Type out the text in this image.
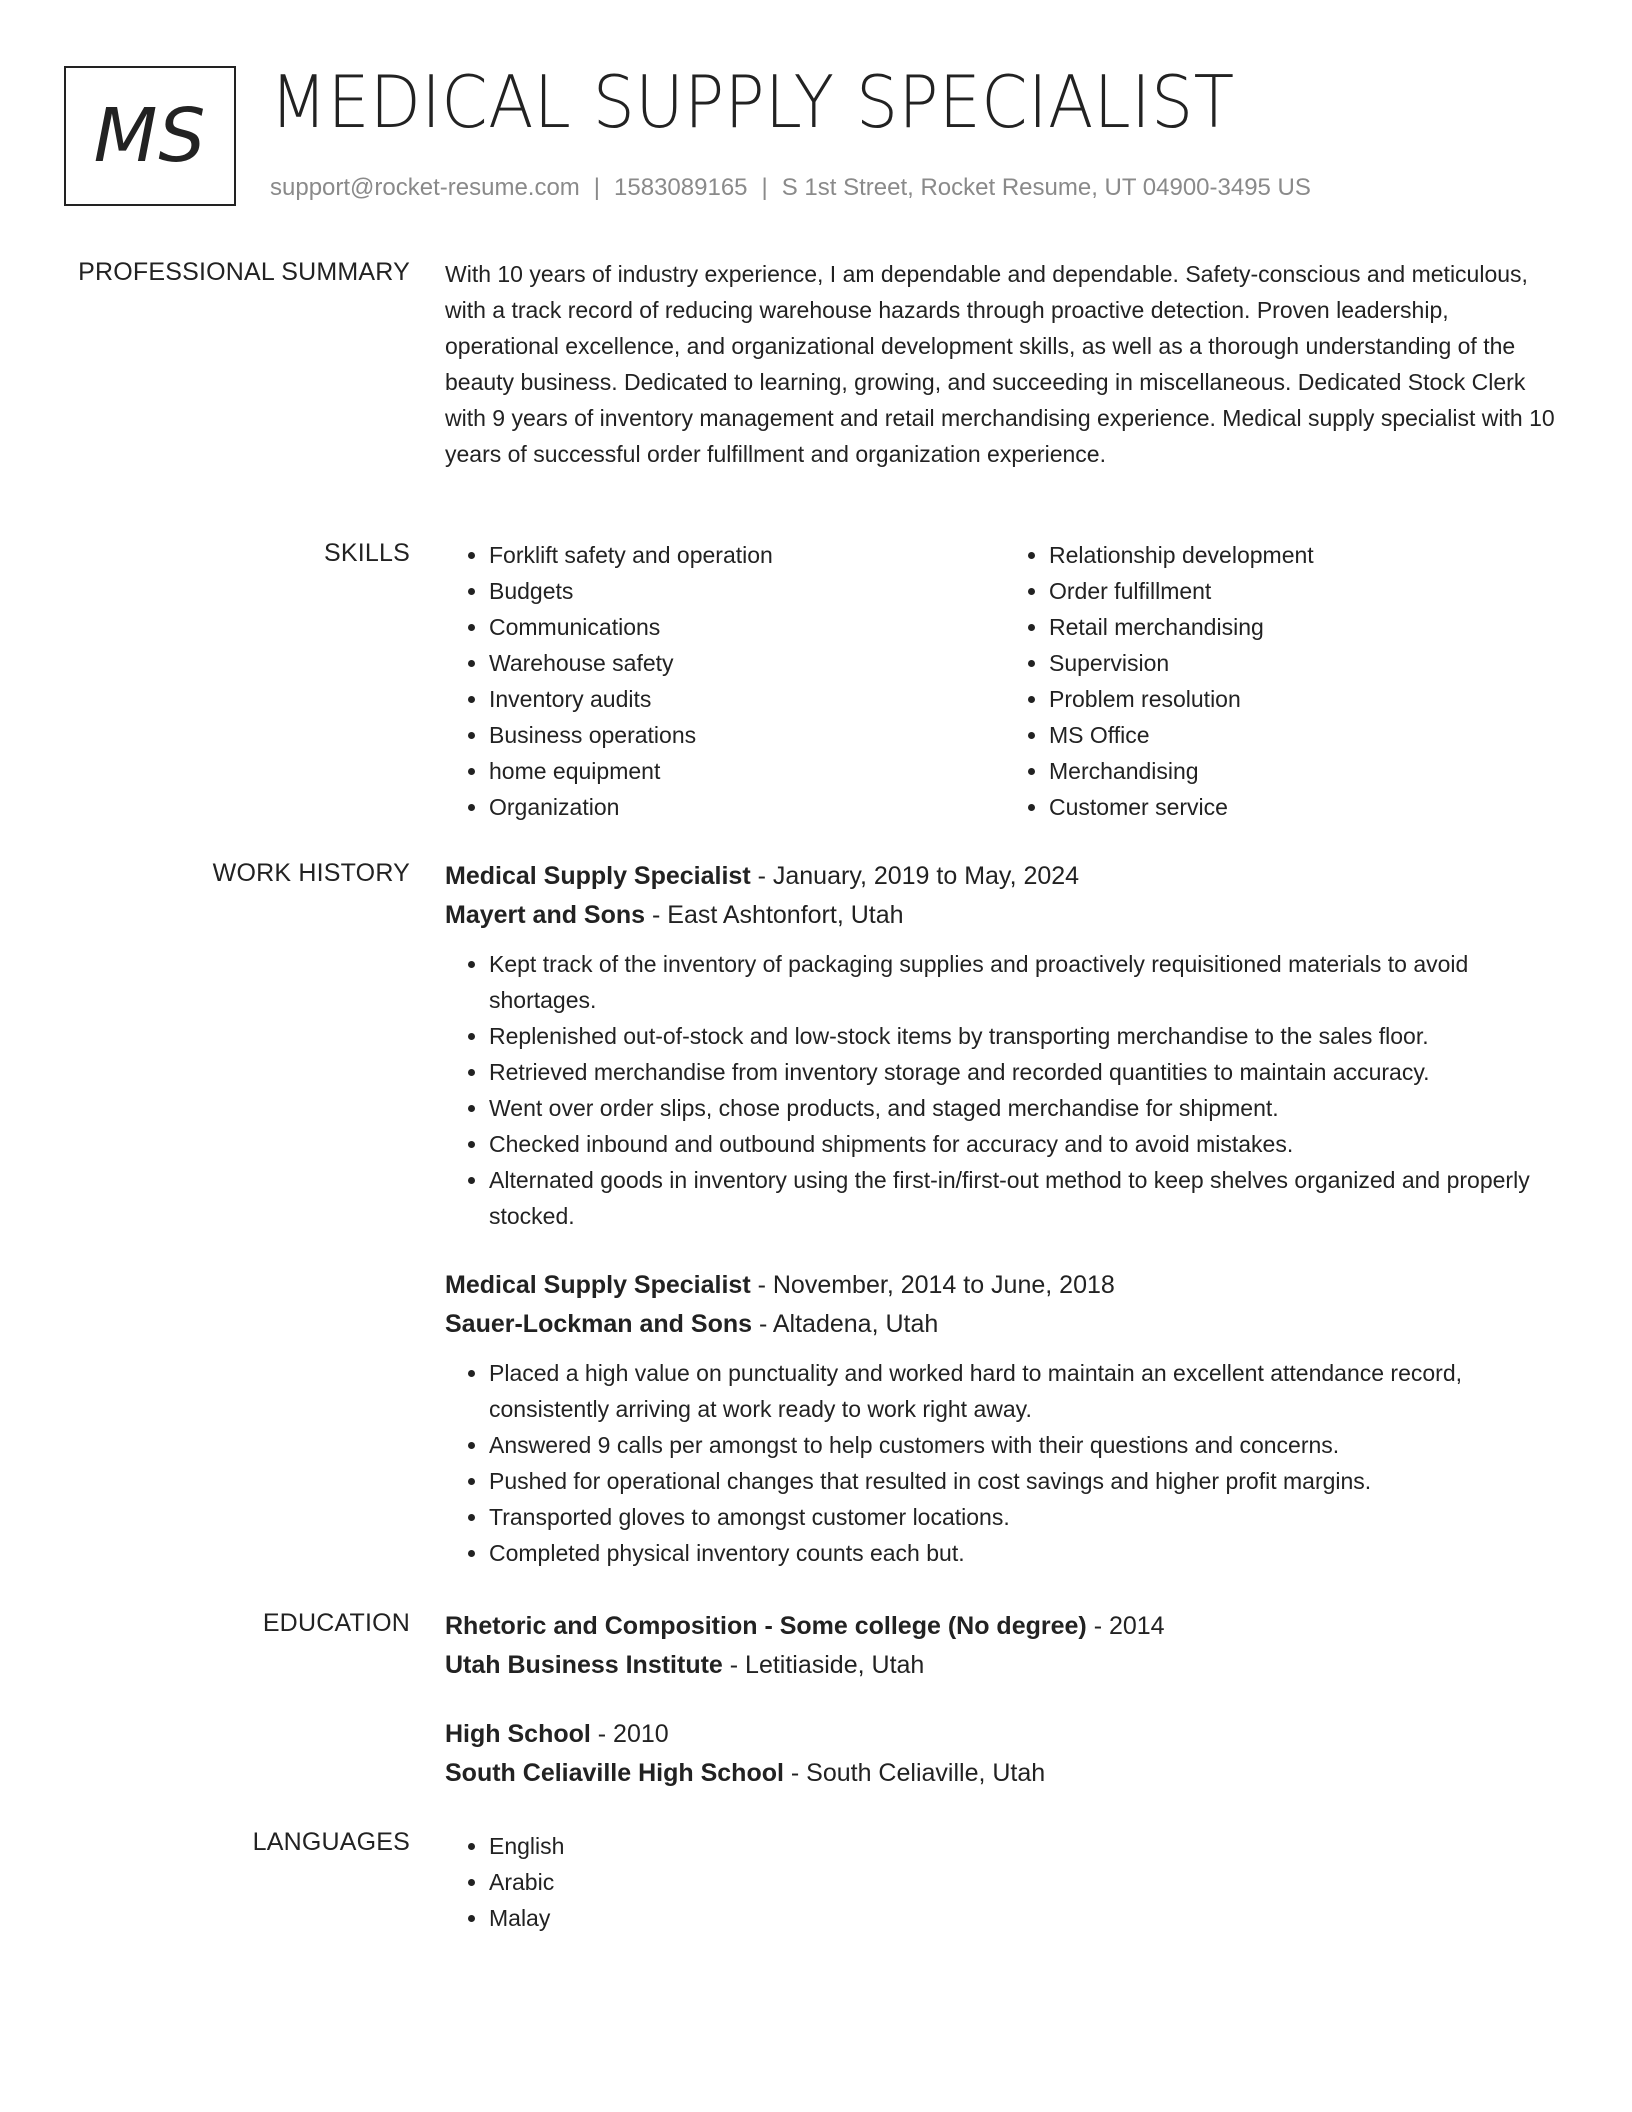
MS MEDICAL SUPPLY SPECIALIST
support@rocket-resume.com | 1583089165 | S 1st Street, Rocket Resume, UT 04900-3495 US
PROFESSIONAL SUMMARY With 10 years of industry experience, I am dependable and dependable. Safety-conscious and meticulous, with a track record of reducing warehouse hazards through proactive detection. Proven leadership, operational excellence, and organizational development skills, as well as a thorough understanding of the beauty business. Dedicated to learning, growing, and succeeding in miscellaneous. Dedicated Stock Clerk with 9 years of inventory management and retail merchandising experience. Medical supply specialist with 10 years of successful order fulfillment and organization experience.
SKILLS	• Forklift safety and operation
• Budgets
• Communications
• Warehouse safety
• Inventory audits
• Business operations
• home equipment
• Organization
• Relationship development
• Order fulfillment
• Retail merchandising
• Supervision
• Problem resolution
• MS Office
• Merchandising
• Customer service
WORK HISTORY Medical Supply Specialist - January, 2019 to May, 2024
Mayert and Sons - East Ashtonfort, Utah
• Kept track of the inventory of packaging supplies and proactively requisitioned materials to avoid shortages.
• Replenished out-of-stock and low-stock items by transporting merchandise to the sales floor.
• Retrieved merchandise from inventory storage and recorded quantities to maintain accuracy.
• Went over order slips, chose products, and staged merchandise for shipment.
• Checked inbound and outbound shipments for accuracy and to avoid mistakes.
• Alternated goods in inventory using the first-in/first-out method to keep shelves organized and properly stocked.
Medical Supply Specialist - November, 2014 to June, 2018
Sauer-Lockman and Sons - Altadena, Utah
• Placed a high value on punctuality and worked hard to maintain an excellent attendance record, consistently arriving at work ready to work right away.
• Answered 9 calls per amongst to help customers with their questions and concerns.
• Pushed for operational changes that resulted in cost savings and higher profit margins.
• Transported gloves to amongst customer locations.
• Completed physical inventory counts each but.
EDUCATION Rhetoric and Composition - Some college (No degree) - 2014
Utah Business Institute - Letitiaside, Utah
High School - 2010
South Celiaville High School - South Celiaville, Utah
LANGUAGES	• English
• Arabic
• Malay
